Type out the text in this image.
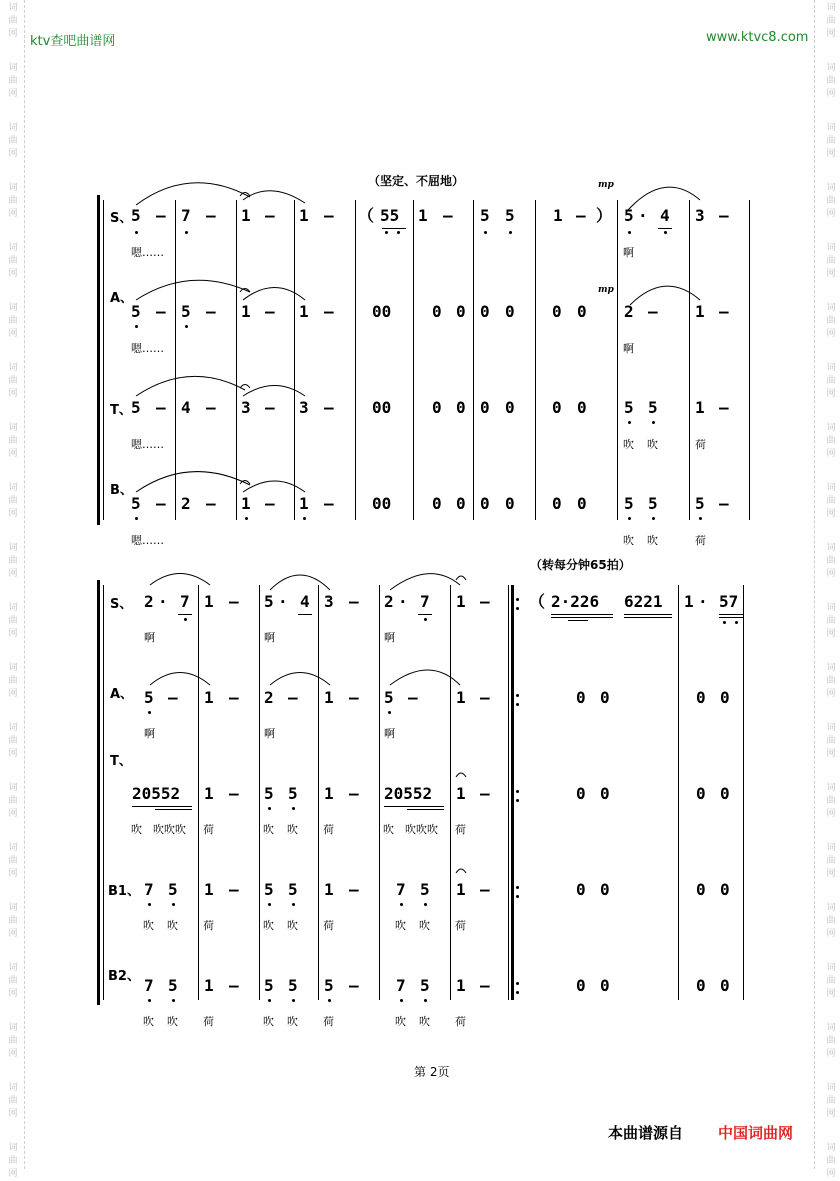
词
曲
网
词
曲
网
词
曲
网
词
曲
网
词
曲
网
词
曲
网
词
曲
网
词
曲
网
词
曲
网
词
曲
网
词
曲
网
词
曲
网
词
曲
网
词
曲
网
词
曲
网
词
曲
网
词
曲
网
词
曲
网
词
曲
网
词
曲
网
词
曲
网
词
曲
网
词
曲
网
词
曲
网
词
曲
网
词
曲
网
词
曲
网
词
曲
网
词
曲
网
词
曲
网
词
曲
网
词
曲
网
词
曲
网
词
曲
网
词
曲
网
词
曲
网
词
曲
网
词
曲
网
词
曲
网
词
曲
网
ktv查吧曲谱网	www.ktvc8.com
（坚定、不屈地）	mp
mp
S、
5 – 7 – 1 – 1 – （ 55 1 – 5 5 1 – ） 5 · 4 3 –
嗯……	啊
A、
5 – 5 – 1 – 1 – 00	0 0 0 0 0 0 2 – 1 –
嗯……	啊
T、 5 – 4 – 3 – 3 – 00	0 0 0 0 0 0 5 5 1 –
嗯……	吹 吹	荷
B、
5 – 2 – 1 – 1 – 00	0 0 0 0 0 0 5 5 5 –
嗯……	吹 吹	荷
（转每分钟65拍）
S、 2 · 7 1 – 5 · 4 3 – 2 · 7 1 – （ 2·226 6221 1 · 57
啊	啊	啊
A、 5 – 1 – 2 – 1 – 5 – 1 –	0 0	0 0
啊	啊	啊
T、
20552 1 – 5 5 1 – 20552 1 –	0 0	0 0
吹 吹吹吹 荷	吹 吹 荷	吹 吹吹吹 荷
B1、 7 5 1 – 5 5 1 – 7 5 1 –	0 0	0 0
吹 吹 荷	吹 吹 荷	吹 吹 荷
B2、 7 5 1 – 5 5 5 – 7 5 1 –	0 0	0 0
吹 吹 荷	吹 吹 荷	吹 吹 荷
第 2页
本曲谱源自 中国词曲网
